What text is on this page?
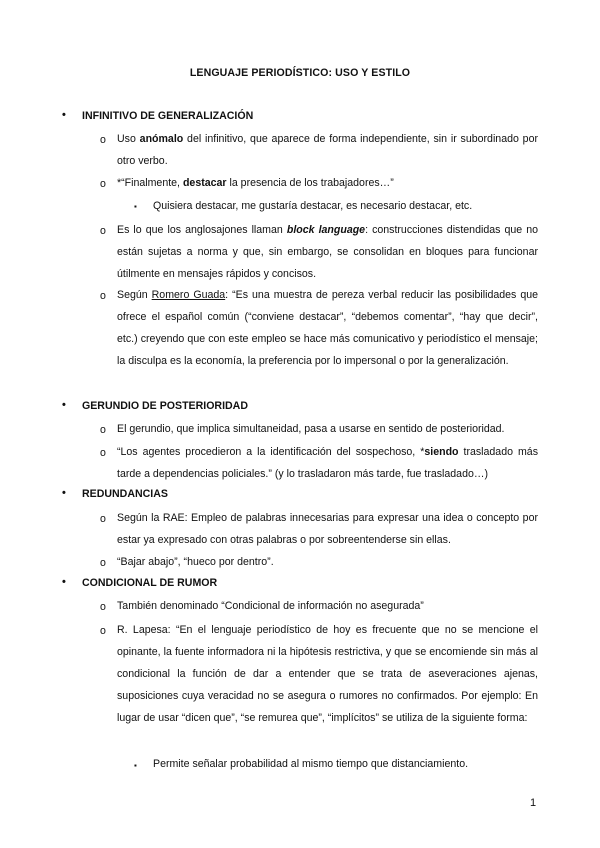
LENGUAJE PERIODÍSTICO: USO Y ESTILO
• INFINITIVO DE GENERALIZACIÓN
o Uso anómalo del infinitivo, que aparece de forma independiente, sin ir subordinado por otro verbo.
o *“Finalmente, destacar la presencia de los trabajadores…”
▪ Quisiera destacar, me gustaría destacar, es necesario destacar, etc.
o Es lo que los anglosajones llaman block language: construcciones distendidas que no están sujetas a norma y que, sin embargo, se consolidan en bloques para funcionar útilmente en mensajes rápidos y concisos.
o Según Romero Guada: “Es una muestra de pereza verbal reducir las posibilidades que ofrece el español común (“conviene destacar”, “debemos comentar”, “hay que decir”, etc.) creyendo que con este empleo se hace más comunicativo y periodístico el mensaje; la disculpa es la economía, la preferencia por lo impersonal o por la generalización.
• GERUNDIO DE POSTERIORIDAD
o El gerundio, que implica simultaneidad, pasa a usarse en sentido de posterioridad.
o “Los agentes procedieron a la identificación del sospechoso, *siendo trasladado más tarde a dependencias policiales.” (y lo trasladaron más tarde, fue trasladado…)
• REDUNDANCIAS
o Según la RAE: Empleo de palabras innecesarias para expresar una idea o concepto por estar ya expresado con otras palabras o por sobreentenderse sin ellas.
o “Bajar abajo”, “hueco por dentro”.
• CONDICIONAL DE RUMOR
o También denominado “Condicional de información no asegurada”
o R. Lapesa: “En el lenguaje periodístico de hoy es frecuente que no se mencione el opinante, la fuente informadora ni la hipótesis restrictiva, y que se encomiende sin más al condicional la función de dar a entender que se trata de aseveraciones ajenas, suposiciones cuya veracidad no se asegura o rumores no confirmados. Por ejemplo: En lugar de usar “dicen que”, “se remurea que”, “implícitos” se utiliza de la siguiente forma:
▪ Permite señalar probabilidad al mismo tiempo que distanciamiento.
1
